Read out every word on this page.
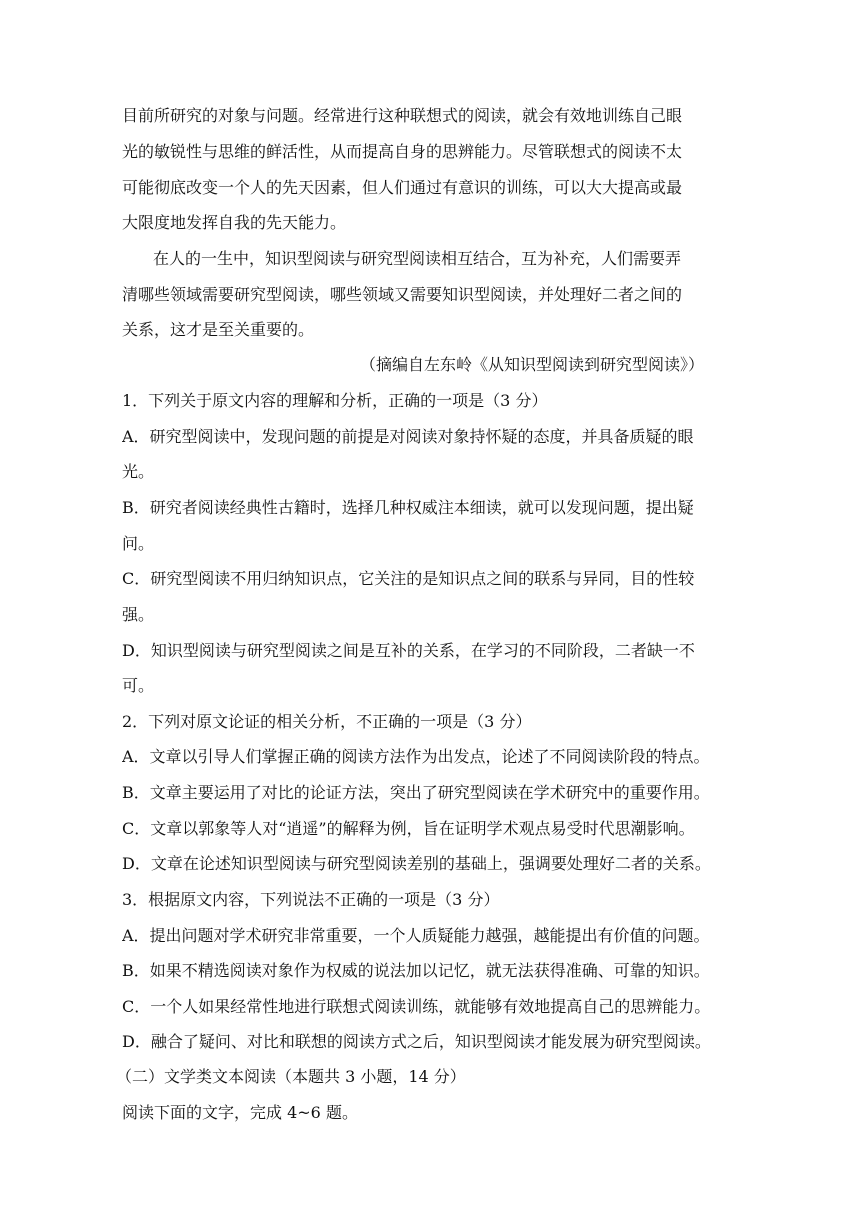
目前所研究的对象与问题。经常进行这种联想式的阅读，就会有效地训练自己眼
光的敏锐性与思维的鲜活性，从而提高自身的思辨能力。尽管联想式的阅读不太
可能彻底改变一个人的先天因素，但人们通过有意识的训练，可以大大提高或最
大限度地发挥自我的先天能力。
在人的一生中，知识型阅读与研究型阅读相互结合，互为补充，人们需要弄
清哪些领域需要研究型阅读，哪些领域又需要知识型阅读，并处理好二者之间的
关系，这才是至关重要的。
（摘编自左东岭《从知识型阅读到研究型阅读》）
1．下列关于原文内容的理解和分析，正确的一项是（3 分）
A．研究型阅读中，发现问题的前提是对阅读对象持怀疑的态度，并具备质疑的眼
光。
B．研究者阅读经典性古籍时，选择几种权威注本细读，就可以发现问题，提出疑
问。
C．研究型阅读不用归纳知识点，它关注的是知识点之间的联系与异同，目的性较
强。
D．知识型阅读与研究型阅读之间是互补的关系，在学习的不同阶段，二者缺一不
可。
2．下列对原文论证的相关分析，不正确的一项是（3 分）
A．文章以引导人们掌握正确的阅读方法作为出发点，论述了不同阅读阶段的特点。
B．文章主要运用了对比的论证方法，突出了研究型阅读在学术研究中的重要作用。
C．文章以郭象等人对“逍遥”的解释为例，旨在证明学术观点易受时代思潮影响。
D．文章在论述知识型阅读与研究型阅读差别的基础上，强调要处理好二者的关系。
3．根据原文内容，下列说法不正确的一项是（3 分）
A．提出问题对学术研究非常重要，一个人质疑能力越强，越能提出有价值的问题。
B．如果不精选阅读对象作为权威的说法加以记忆，就无法获得准确、可靠的知识。
C．一个人如果经常性地进行联想式阅读训练，就能够有效地提高自己的思辨能力。
D．融合了疑问、对比和联想的阅读方式之后，知识型阅读才能发展为研究型阅读。
（二）文学类文本阅读（本题共 3 小题，14 分）
阅读下面的文字，完成 4~6 题。
